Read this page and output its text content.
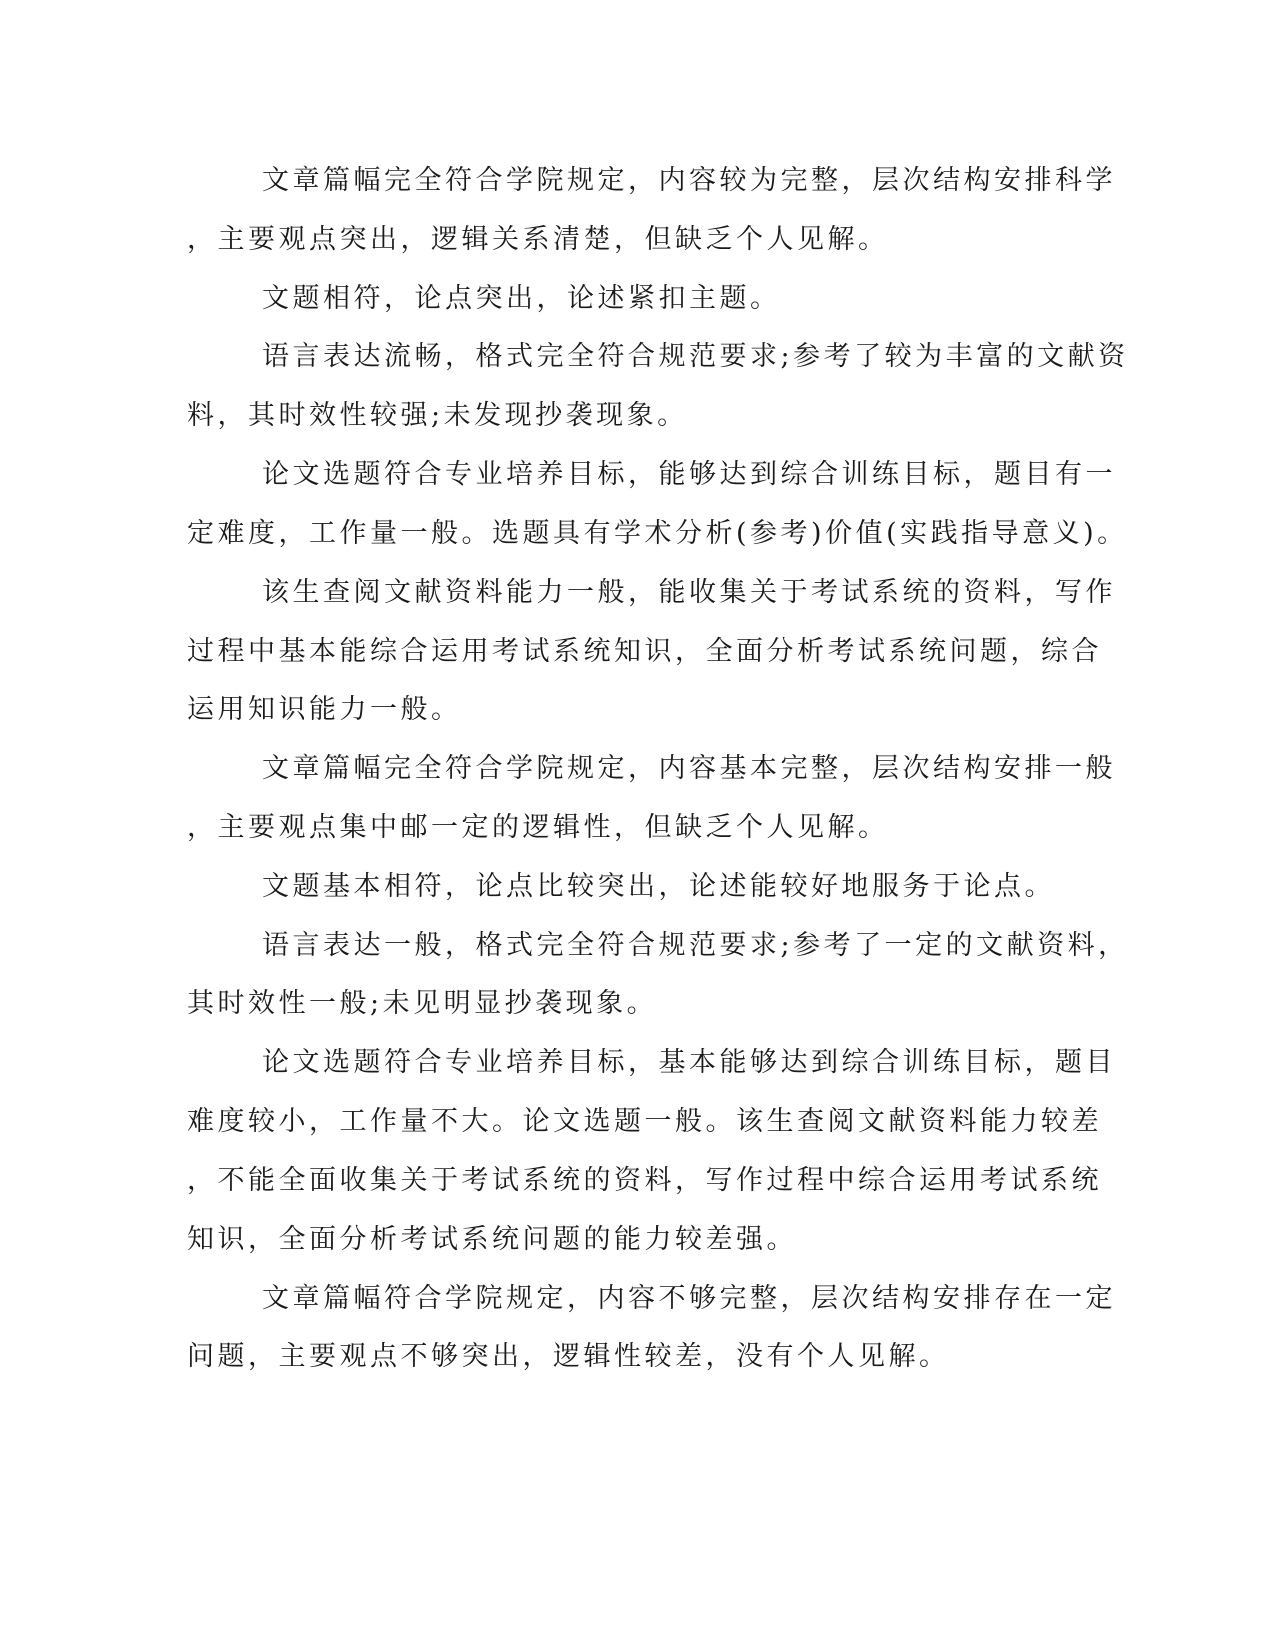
文章篇幅完全符合学院规定，内容较为完整，层次结构安排科学
，主要观点突出，逻辑关系清楚，但缺乏个人见解。
文题相符，论点突出，论述紧扣主题。
语言表达流畅，格式完全符合规范要求;参考了较为丰富的文献资
料，其时效性较强;未发现抄袭现象。
论文选题符合专业培养目标，能够达到综合训练目标，题目有一
定难度，工作量一般。选题具有学术分析(参考)价值(实践指导意义)。
该生查阅文献资料能力一般，能收集关于考试系统的资料，写作
过程中基本能综合运用考试系统知识，全面分析考试系统问题，综合
运用知识能力一般。
文章篇幅完全符合学院规定，内容基本完整，层次结构安排一般
，主要观点集中邮一定的逻辑性，但缺乏个人见解。
文题基本相符，论点比较突出，论述能较好地服务于论点。
语言表达一般，格式完全符合规范要求;参考了一定的文献资料，
其时效性一般;未见明显抄袭现象。
论文选题符合专业培养目标，基本能够达到综合训练目标，题目
难度较小，工作量不大。论文选题一般。该生查阅文献资料能力较差
，不能全面收集关于考试系统的资料，写作过程中综合运用考试系统
知识，全面分析考试系统问题的能力较差强。
文章篇幅符合学院规定，内容不够完整，层次结构安排存在一定
问题，主要观点不够突出，逻辑性较差，没有个人见解。
